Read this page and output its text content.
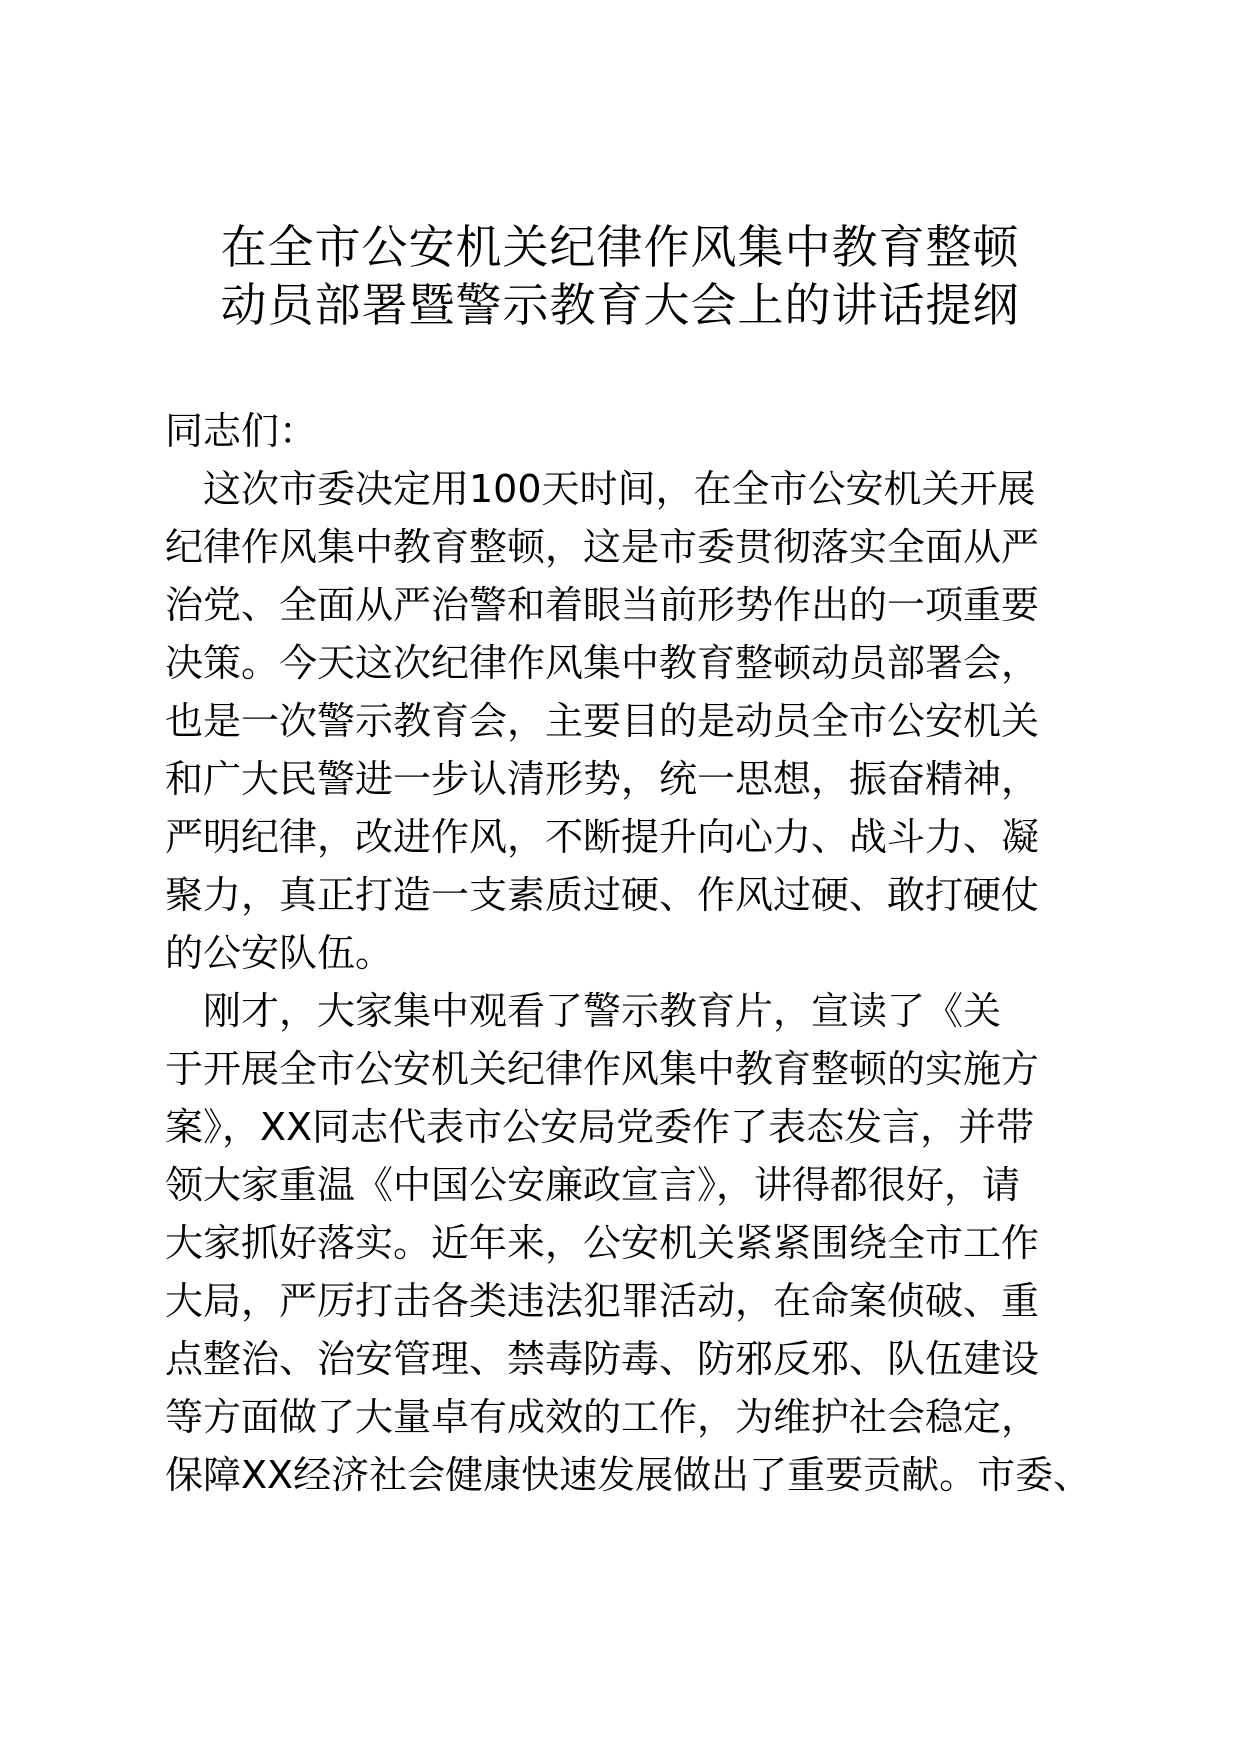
在全市公安机关纪律作风集中教育整顿
动员部署暨警示教育大会上的讲话提纲
同志们：
　这次市委决定用100天时间，在全市公安机关开展
纪律作风集中教育整顿，这是市委贯彻落实全面从严
治党、全面从严治警和着眼当前形势作出的一项重要
决策。今天这次纪律作风集中教育整顿动员部署会，
也是一次警示教育会，主要目的是动员全市公安机关
和广大民警进一步认清形势，统一思想，振奋精神，
严明纪律，改进作风，不断提升向心力、战斗力、凝
聚力，真正打造一支素质过硬、作风过硬、敢打硬仗
的公安队伍。
　刚才，大家集中观看了警示教育片，宣读了《关
于开展全市公安机关纪律作风集中教育整顿的实施方
案》，XX同志代表市公安局党委作了表态发言，并带
领大家重温《中国公安廉政宣言》，讲得都很好，请
大家抓好落实。近年来，公安机关紧紧围绕全市工作
大局，严厉打击各类违法犯罪活动，在命案侦破、重
点整治、治安管理、禁毒防毒、防邪反邪、队伍建设
等方面做了大量卓有成效的工作，为维护社会稳定，
保障XX经济社会健康快速发展做出了重要贡献。市委、
